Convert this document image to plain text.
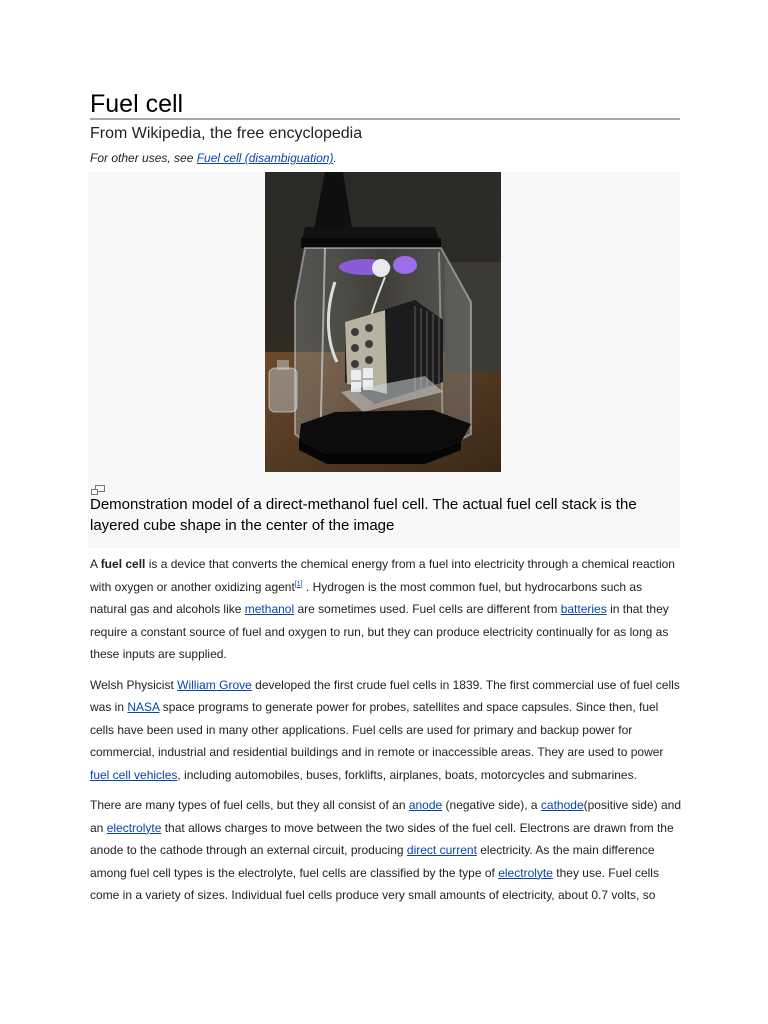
Fuel cell

From Wikipedia, the free encyclopedia

For other uses, see Fuel cell (disambiguation).

Demonstration model of a direct-methanol fuel cell. The actual fuel cell stack is the layered cube shape in the center of the image

A fuel cell is a device that converts the chemical energy from a fuel into electricity through a chemical reaction with oxygen or another oxidizing agent[1] . Hydrogen is the most common fuel, but hydrocarbons such as natural gas and alcohols like methanol are sometimes used. Fuel cells are different from batteries in that they require a constant source of fuel and oxygen to run, but they can produce electricity continually for as long as these inputs are supplied.

Welsh Physicist William Grove developed the first crude fuel cells in 1839. The first commercial use of fuel cells was in NASA space programs to generate power for probes, satellites and space capsules. Since then, fuel cells have been used in many other applications. Fuel cells are used for primary and backup power for commercial, industrial and residential buildings and in remote or inaccessible areas. They are used to power fuel cell vehicles, including automobiles, buses, forklifts, airplanes, boats, motorcycles and submarines.

There are many types of fuel cells, but they all consist of an anode (negative side), a cathode(positive side) and an electrolyte that allows charges to move between the two sides of the fuel cell. Electrons are drawn from the anode to the cathode through an external circuit, producing direct current electricity. As the main difference among fuel cell types is the electrolyte, fuel cells are classified by the type of electrolyte they use. Fuel cells come in a variety of sizes. Individual fuel cells produce very small amounts of electricity, about 0.7 volts, so
